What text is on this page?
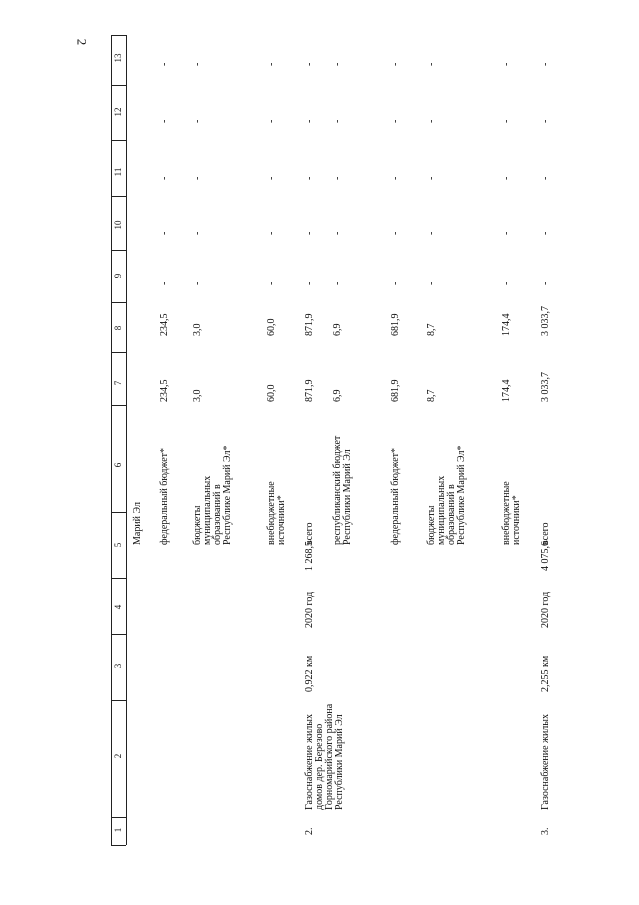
2
1
2
3
4
5
6
7
8
9
10
11
12
13
Марий Эл федеральный бюджет*
234,5
234,5
-
-
-
-
-
бюджеты муниципальных образований в Республике Марий Эл*
3,0
3,0
-
-
-
-
-
внебюджетные источники*
60,0
60,0
-
-
-
-
-
2.
Газоснабжение жилых домов дер. Березово Горномарийского района Республики Марий Эл
0,922 км
2020 год
1 268,5
всего
871,9
871,9
-
-
-
-
-
республиканский бюджет Республики Марий Эл
6,9
6,9
-
-
-
-
-
федеральный бюджет*
681,9
681,9
-
-
-
-
-
бюджеты муниципальных образований в Республике Марий Эл*
8,7
8,7
-
-
-
-
-
внебюджетные источники*
174,4
174,4
-
-
-
-
-
3.
Газоснабжение жилых
2,255 км
2020 год
4 075,6
всего
3 033,7
3 033,7
-
-
-
-
-
